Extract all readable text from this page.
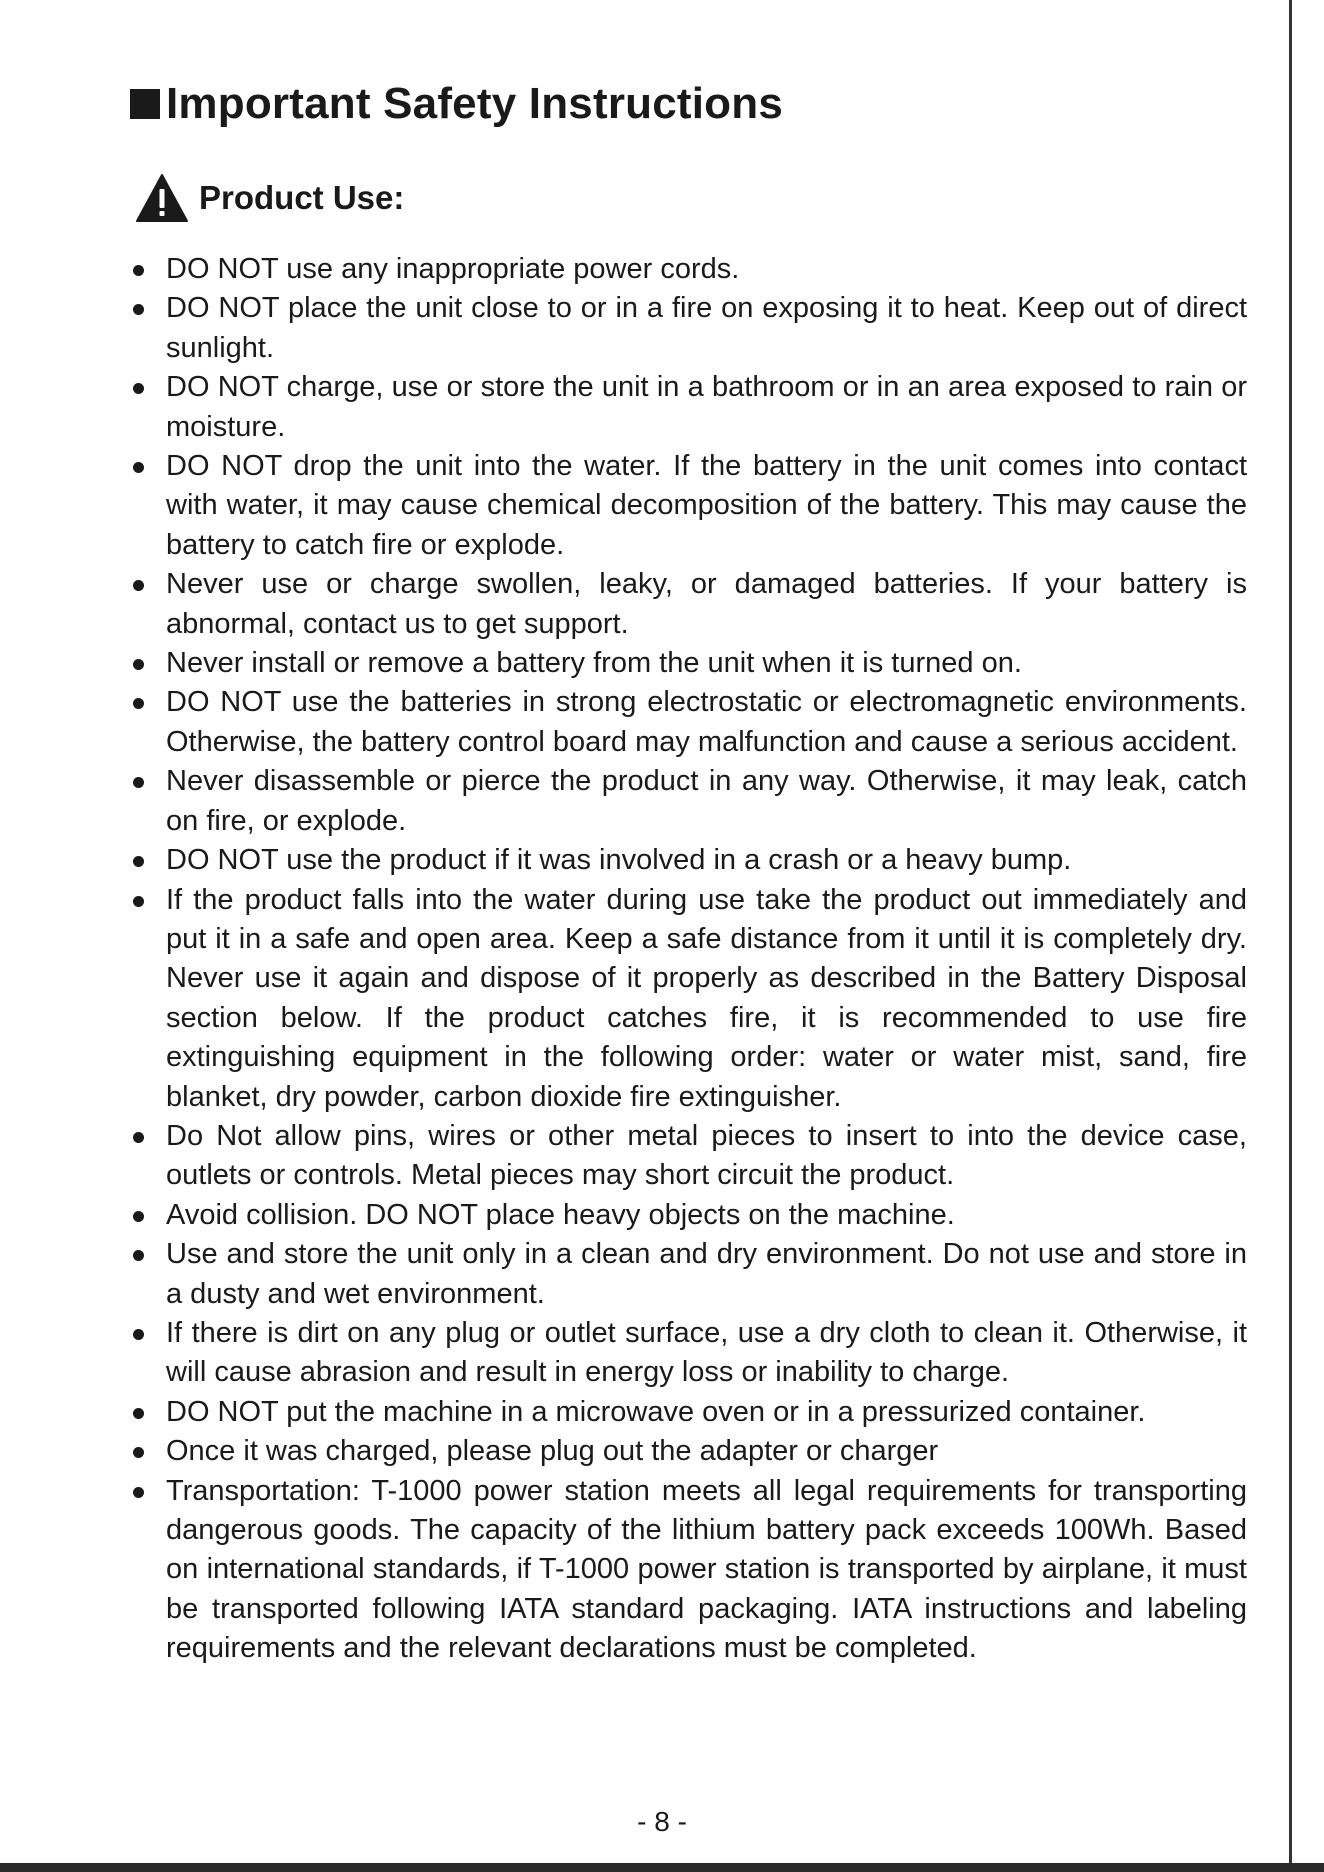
Important Safety Instructions
Product Use:
DO NOT use any inappropriate power cords.
DO NOT place the unit close to or in a fire on exposing it to heat. Keep out of direct sunlight.
DO NOT charge, use or store the unit in a bathroom or in an area exposed to rain or moisture.
DO NOT drop the unit into the water. If the battery in the unit comes into contact with water, it may cause chemical decomposition of the battery. This may cause the battery to catch fire or explode.
Never use or charge swollen, leaky, or damaged batteries. If your battery is abnormal, contact us to get support.
Never install or remove a battery from the unit when it is turned on.
DO NOT use the batteries in strong electrostatic or electromagnetic environments. Otherwise, the battery control board may malfunction and cause a serious accident.
Never disassemble or pierce the product in any way. Otherwise, it may leak, catch on fire, or explode.
DO NOT use the product if it was involved in a crash or a heavy bump.
If the product falls into the water during use take the product out immediately and put it in a safe and open area. Keep a safe distance from it until it is completely dry. Never use it again and dispose of it properly as described in the Battery Disposal section below. If the product catches fire, it is recommended to use fire extinguishing equipment in the following order: water or water mist, sand, fire blanket, dry powder, carbon dioxide fire extinguisher.
Do Not allow pins, wires or other metal pieces to insert to into the device case, outlets or controls. Metal pieces may short circuit the product.
Avoid collision. DO NOT place heavy objects on the machine.
Use and store the unit only in a clean and dry environment. Do not use and store in a dusty and wet environment.
If there is dirt on any plug or outlet surface, use a dry cloth to clean it. Otherwise, it will cause abrasion and result in energy loss or inability to charge.
DO NOT put the machine in a microwave oven or in a pressurized container.
Once it was charged, please plug out the adapter or charger
Transportation: T-1000 power station meets all legal requirements for transporting dangerous goods. The capacity of the lithium battery pack exceeds 100Wh. Based on international standards, if T-1000 power station is transported by airplane, it must be transported following IATA standard packaging. IATA instructions and labeling requirements and the relevant declarations must be completed.
- 8 -
